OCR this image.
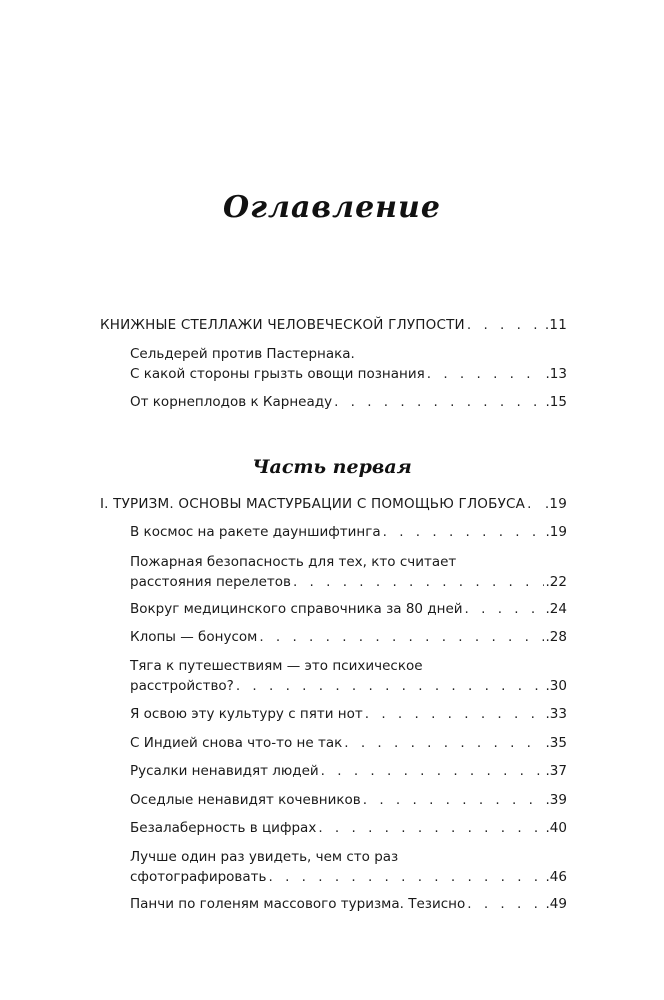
Оглавление
КНИЖНЫЕ СТЕЛЛАЖИ ЧЕЛОВЕЧЕСКОЙ ГЛУПОСТИ . . .	.11
Сельдерей против Пастернака.
С какой стороны грызть овощи познания . . .	.13
От корнеплодов к Карнеаду . . .	.15
Часть первая
I. ТУРИЗМ. ОСНОВЫ МАСТУРБАЦИИ С ПОМОЩЬЮ ГЛОБУСА . . . .19
В космос на ракете дауншифтинга . . .	.19
Пожарная безопасность для тех, кто считает
расстояния перелетов . . .	.22
Вокруг медицинского справочника за 80 дней . . .	.24
Клопы — бонусом . . .	.28
Тяга к путешествиям — это психическое
расстройство? . . .	.30
Я освою эту культуру с пяти нот . . .	.33
С Индией снова что-то не так . . .	.35
Русалки ненавидят людей . . .	.37
Оседлые ненавидят кочевников . . .	.39
Безалаберность в цифрах . . .	.40
Лучше один раз увидеть, чем сто раз
сфотографировать . . .	.46
Панчи по голеням массового туризма. Тезисно . . .	.49
